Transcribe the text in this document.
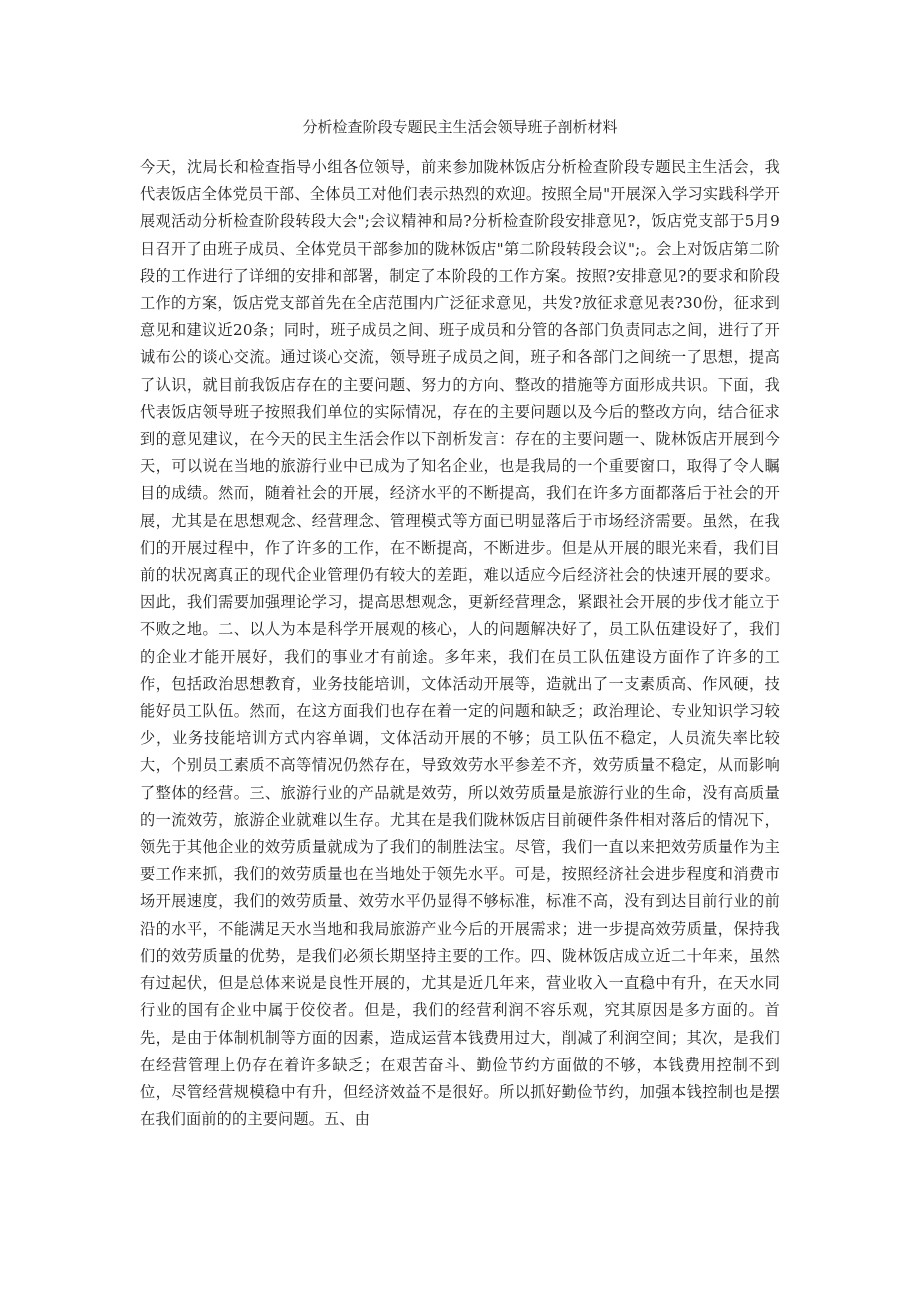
分析检查阶段专题民主生活会领导班子剖析材料

今天，沈局长和检查指导小组各位领导，前来参加陇林饭店分析检查阶段专题民主生活会，我代表饭店全体党员干部、全体员工对他们表示热烈的欢迎。按照全局"开展深入学习实践科学开展观活动分析检查阶段转段大会";会议精神和局?分析检查阶段安排意见?，饭店党支部于5月9日召开了由班子成员、全体党员干部参加的陇林饭店"第二阶段转段会议";。会上对饭店第二阶段的工作进行了详细的安排和部署，制定了本阶段的工作方案。按照?安排意见?的要求和阶段工作的方案，饭店党支部首先在全店范围内广泛征求意见，共发?放征求意见表?30份，征求到意见和建议近20条；同时，班子成员之间、班子成员和分管的各部门负责同志之间，进行了开诚布公的谈心交流。通过谈心交流，领导班子成员之间，班子和各部门之间统一了思想，提高了认识，就目前我饭店存在的主要问题、努力的方向、整改的措施等方面形成共识。下面，我代表饭店领导班子按照我们单位的实际情况，存在的主要问题以及今后的整改方向，结合征求到的意见建议，在今天的民主生活会作以下剖析发言：存在的主要问题一、陇林饭店开展到今天，可以说在当地的旅游行业中已成为了知名企业，也是我局的一个重要窗口，取得了令人瞩目的成绩。然而，随着社会的开展，经济水平的不断提高，我们在许多方面都落后于社会的开展，尤其是在思想观念、经营理念、管理模式等方面已明显落后于市场经济需要。虽然，在我们的开展过程中，作了许多的工作，在不断提高，不断进步。但是从开展的眼光来看，我们目前的状况离真正的现代企业管理仍有较大的差距，难以适应今后经济社会的快速开展的要求。因此，我们需要加强理论学习，提高思想观念，更新经营理念，紧跟社会开展的步伐才能立于不败之地。二、以人为本是科学开展观的核心，人的问题解决好了，员工队伍建设好了，我们的企业才能开展好，我们的事业才有前途。多年来，我们在员工队伍建设方面作了许多的工作，包括政治思想教育，业务技能培训，文体活动开展等，造就出了一支素质高、作风硬，技能好员工队伍。然而，在这方面我们也存在着一定的问题和缺乏；政治理论、专业知识学习较少，业务技能培训方式内容单调，文体活动开展的不够；员工队伍不稳定，人员流失率比较大，个别员工素质不高等情况仍然存在，导致效劳水平参差不齐，效劳质量不稳定，从而影响了整体的经营。三、旅游行业的产品就是效劳，所以效劳质量是旅游行业的生命，没有高质量的一流效劳，旅游企业就难以生存。尤其在是我们陇林饭店目前硬件条件相对落后的情况下，领先于其他企业的效劳质量就成为了我们的制胜法宝。尽管，我们一直以来把效劳质量作为主要工作来抓，我们的效劳质量也在当地处于领先水平。可是，按照经济社会进步程度和消费市场开展速度，我们的效劳质量、效劳水平仍显得不够标准，标准不高，没有到达目前行业的前沿的水平，不能满足天水当地和我局旅游产业今后的开展需求；进一步提高效劳质量，保持我们的效劳质量的优势，是我们必须长期坚持主要的工作。四、陇林饭店成立近二十年来，虽然有过起伏，但是总体来说是良性开展的，尤其是近几年来，营业收入一直稳中有升，在天水同行业的国有企业中属于佼佼者。但是，我们的经营利润不容乐观，究其原因是多方面的。首先，是由于体制机制等方面的因素，造成运营本钱费用过大，削减了利润空间；其次，是我们在经营管理上仍存在着许多缺乏；在艰苦奋斗、勤俭节约方面做的不够，本钱费用控制不到位，尽管经营规模稳中有升，但经济效益不是很好。所以抓好勤俭节约，加强本钱控制也是摆在我们面前的的主要问题。五、由
